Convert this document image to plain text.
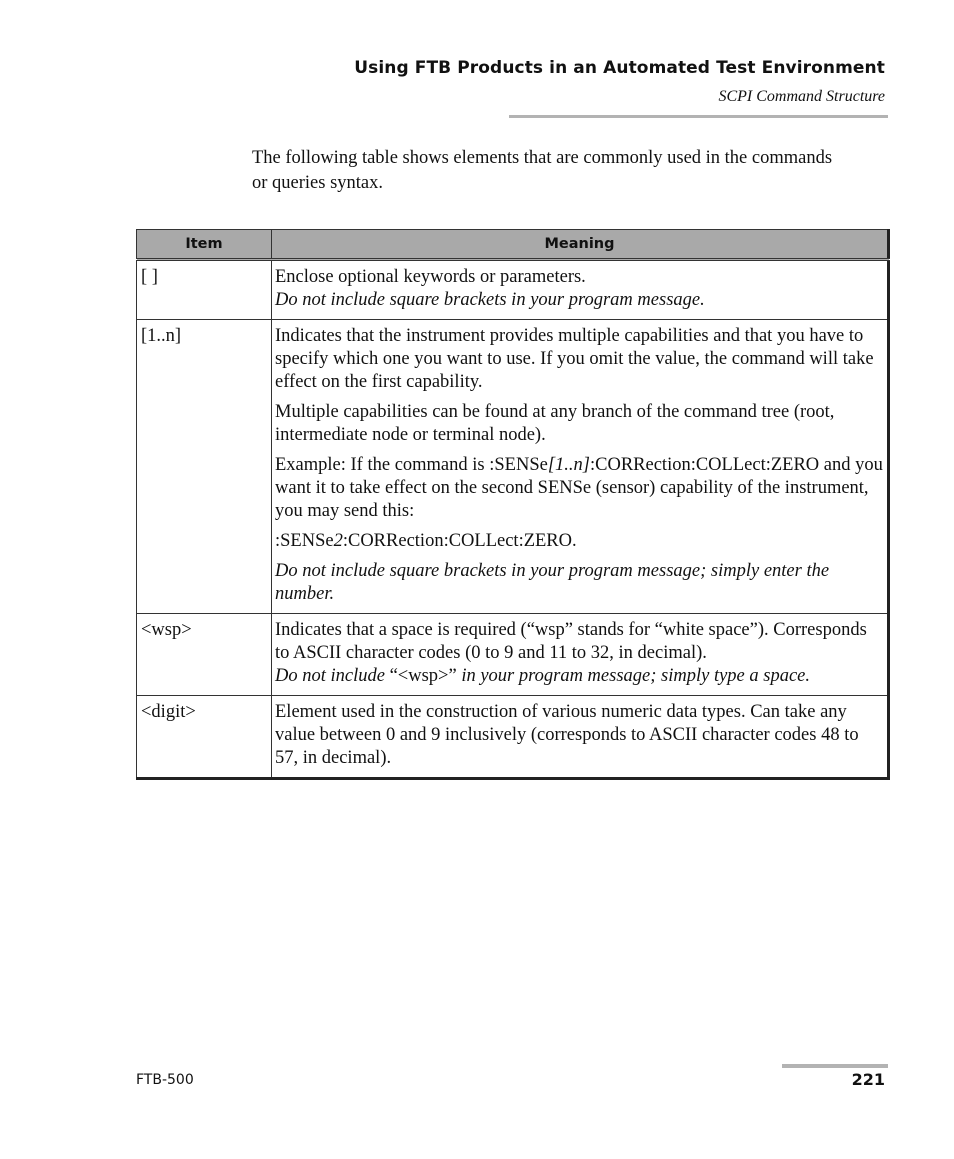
Using FTB Products in an Automated Test Environment
SCPI Command Structure
The following table shows elements that are commonly used in the commands or queries syntax.
Item	Meaning
[ ]	Enclose optional keywords or parameters.
Do not include square brackets in your program message.

[1..n]	Indicates that the instrument provides multiple capabilities and that you have to specify which one you want to use. If you omit the value, the command will take effect on the first capability.
Multiple capabilities can be found at any branch of the command tree (root, intermediate node or terminal node).
Example: If the command is :SENSe[1..n]:CORRection:COLLect:ZERO and you want it to take effect on the second SENSe (sensor) capability of the instrument, you may send this:
:SENSe2:CORRection:COLLect:ZERO.
Do not include square brackets in your program message; simply enter the number.

<wsp>	Indicates that a space is required (“wsp” stands for “white space”). Corresponds to ASCII character codes (0 to 9 and 11 to 32, in decimal).
Do not include “<wsp>” in your program message; simply type a space.

<digit>	Element used in the construction of various numeric data types. Can take any value between 0 and 9 inclusively (corresponds to ASCII character codes 48 to 57, in decimal).
FTB-500	221
